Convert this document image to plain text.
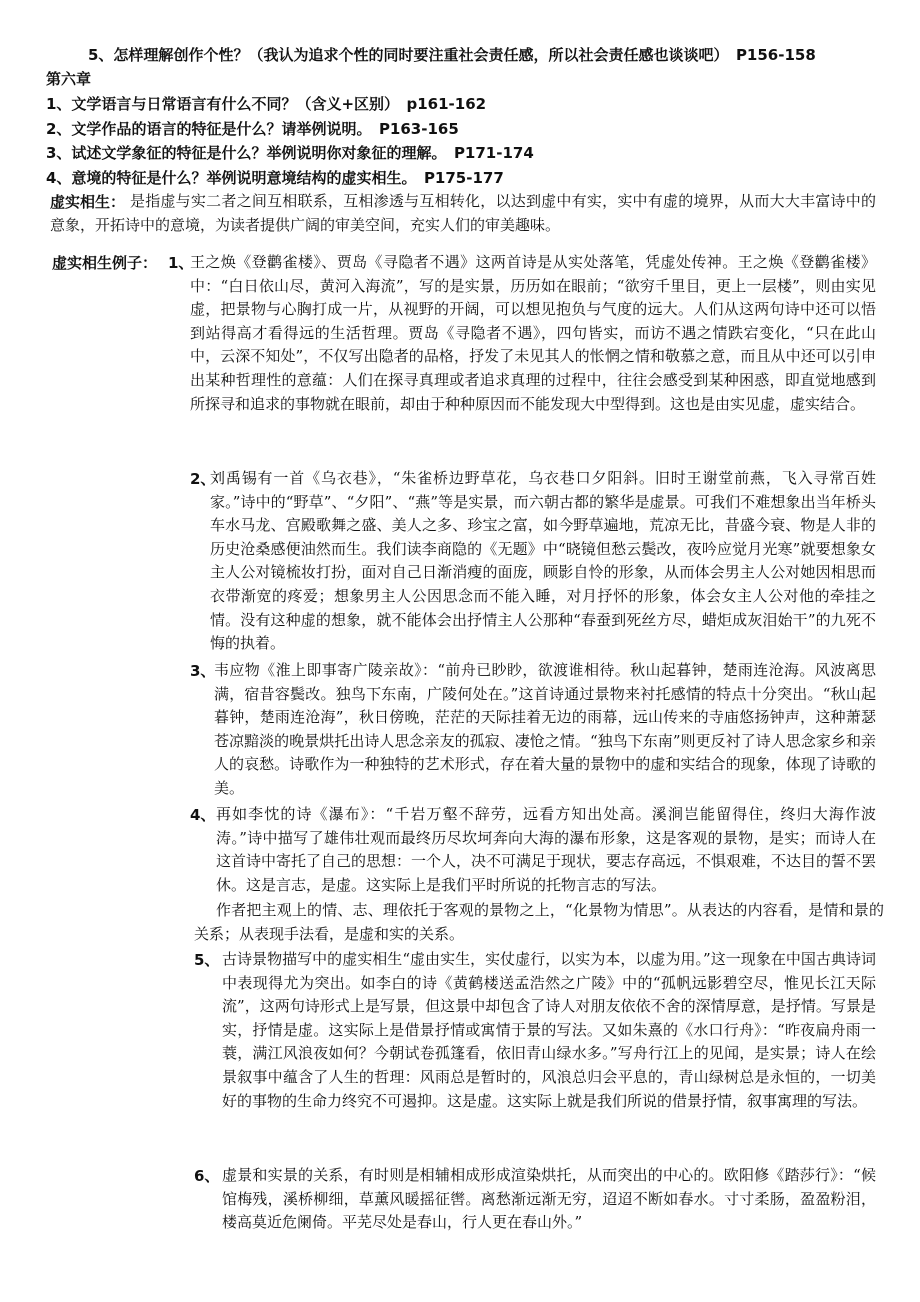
5、怎样理解创作个性？（我认为追求个性的同时要注重社会责任感，所以社会责任感也谈谈吧）　P156-158
第六章
1、文学语言与日常语言有什么不同？（含义+区别）　p161-162
2、文学作品的语言的特征是什么？请举例说明。　P163-165
3、试述文学象征的特征是什么？举例说明你对象征的理解。　P171-174
4、意境的特征是什么？举例说明意境结构的虚实相生。　P175-177
虚实相生： 是指虚与实二者之间互相联系，互相渗透与互相转化，以达到虚中有实，实中有虚的境界，从而大大丰富诗中的意象，开拓诗中的意境，为读者提供广阔的审美空间，充实人们的审美趣味。
虚实相生例子： 1、
王之焕《登鹳雀楼》、贾岛《寻隐者不遇》这两首诗是从实处落笔，凭虚处传神。王之焕《登鹳雀楼》中：“白日依山尽，黄河入海流”，写的是实景，历历如在眼前；“欲穷千里目，更上一层楼”，则由实见虚，把景物与心胸打成一片，从视野的开阔，可以想见抱负与气度的远大。人们从这两句诗中还可以悟到站得高才看得远的生活哲理。贾岛《寻隐者不遇》，四句皆实，而访不遇之情跌宕变化，“只在此山中，云深不知处”，不仅写出隐者的品格，抒发了未见其人的怅惘之情和敬慕之意，而且从中还可以引申出某种哲理性的意蕴：人们在探寻真理或者追求真理的过程中，往往会感受到某种困惑，即直觉地感到所探寻和追求的事物就在眼前，却由于种种原因而不能发现大中型得到。这也是由实见虚，虚实结合。
2、
刘禹锡有一首《乌衣巷》，“朱雀桥边野草花，乌衣巷口夕阳斜。旧时王谢堂前燕，飞入寻常百姓家。”诗中的“野草”、“夕阳”、“燕”等是实景，而六朝古都的繁华是虚景。可我们不难想象出当年桥头车水马龙、宫殿歌舞之盛、美人之多、珍宝之富，如今野草遍地，荒凉无比，昔盛今衰、物是人非的历史沧桑感便油然而生。我们读李商隐的《无题》中“晓镜但愁云鬓改，夜吟应觉月光寒”就要想象女主人公对镜梳妆打扮，面对自己日渐消瘦的面庞，顾影自怜的形象，从而体会男主人公对她因相思而衣带渐宽的疼爱；想象男主人公因思念而不能入睡，对月抒怀的形象，体会女主人公对他的牵挂之情。没有这种虚的想象，就不能体会出抒情主人公那种“春蚕到死丝方尽，蜡炬成灰泪始干”的九死不悔的执着。
3、
韦应物《淮上即事寄广陵亲故》：“前舟已眇眇，欲渡谁相待。秋山起暮钟，楚雨连沧海。风波离思满，宿昔容鬓改。独鸟下东南，广陵何处在。”这首诗通过景物来衬托感情的特点十分突出。“秋山起暮钟，楚雨连沧海”，秋日傍晚，茫茫的天际挂着无边的雨幕，远山传来的寺庙悠扬钟声，这种萧瑟苍凉黯淡的晚景烘托出诗人思念亲友的孤寂、凄怆之情。“独鸟下东南”则更反衬了诗人思念家乡和亲人的哀愁。诗歌作为一种独特的艺术形式，存在着大量的景物中的虚和实结合的现象，体现了诗歌的美。
4、 再如李忱的诗《瀑布》：“千岩万壑不辞劳，远看方知出处高。溪涧岂能留得住，终归大海作波涛。”诗中描写了雄伟壮观而最终历尽坎坷奔向大海的瀑布形象，这是客观的景物，是实；而诗人在这首诗中寄托了自己的思想：一个人，决不可满足于现状，要志存高远，不惧艰难，不达目的誓不罢休。这是言志，是虚。这实际上是我们平时所说的托物言志的写法。
作者把主观上的情、志、理依托于客观的景物之上，“化景物为情思”。从表达的内容看，是情和景的关系；从表现手法看，是虚和实的关系。
5、 古诗景物描写中的虚实相生“虚由实生，实仗虚行，以实为本，以虚为用。”这一现象在中国古典诗词中表现得尤为突出。如李白的诗《黄鹤楼送孟浩然之广陵》中的“孤帆远影碧空尽，惟见长江天际流”，这两句诗形式上是写景，但这景中却包含了诗人对朋友依依不舍的深情厚意，是抒情。写景是实，抒情是虚。这实际上是借景抒情或寓情于景的写法。又如朱熹的《水口行舟》：“昨夜扁舟雨一蓑，满江风浪夜如何？今朝试卷孤篷看，依旧青山绿水多。”写舟行江上的见闻，是实景；诗人在绘景叙事中蕴含了人生的哲理：风雨总是暂时的，风浪总归会平息的，青山绿树总是永恒的，一切美好的事物的生命力终究不可遏抑。这是虚。这实际上就是我们所说的借景抒情，叙事寓理的写法。
6、 虚景和实景的关系，有时则是相辅相成形成渲染烘托，从而突出的中心的。欧阳修《踏莎行》：“候馆梅残，溪桥柳细，草薰风暖摇征辔。离愁渐远渐无穷，迢迢不断如春水。寸寸柔肠，盈盈粉泪，楼高莫近危阑倚。平芜尽处是春山，行人更在春山外。”
